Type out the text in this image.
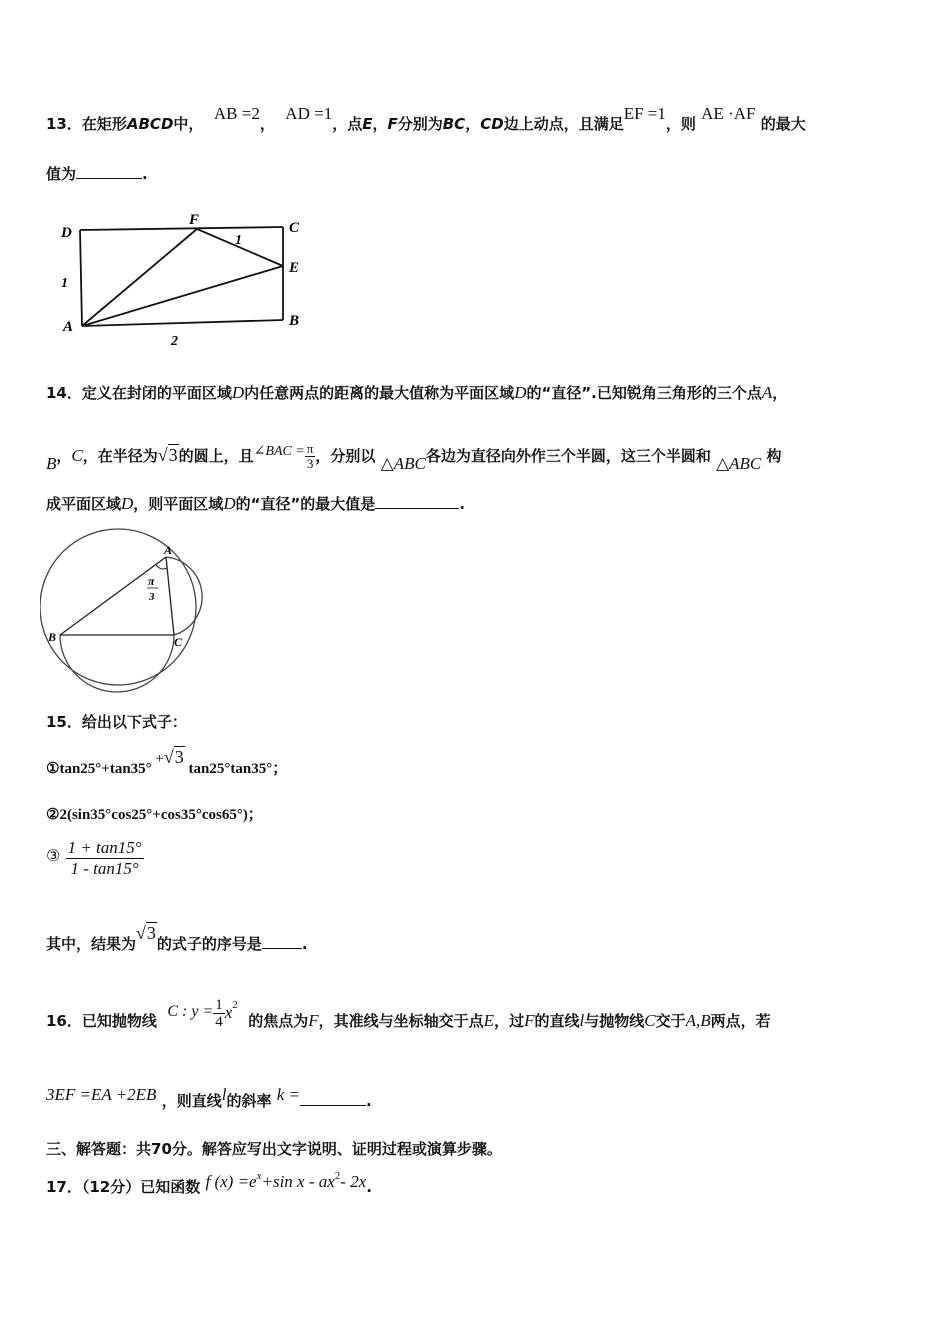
13．在矩形ABCD中，  AB =2，  AD =1，点E，F分别为BC，CD边上动点，且满足EF =1，则 AE ·AF 的最大
值为	.
D
F	C
E
A	B
1
1
2
14．定义在封闭的平面区域D内任意两点的距离的最大值称为平面区域D的“直径”.已知锐角三角形的三个点A，
B，C，在半径为√3的圆上，且∠BAC = $\frac{\pi}{3}$ ，分别以 △ABC各边为直径向外作三个半圆，这三个半圆和 △ABC 构
成平面区域D，则平面区域D的“直径”的最大值是	.
A
B	C
π
3
15．给出以下式子：
①tan25°+tan35° +√3 tan25°tan35°；
②2(sin35°cos25°+cos35°cos65°)；
③ $\frac{1 + \tan 15^\circ}{1 - \tan 15^\circ}$
其中，结果为√3的式子的序号是	.
16．已知抛物线  C : $y = \frac{1}{4} x^2$  的焦点为F，其准线与坐标轴交于点E，过F的直线l与抛物线C交于A,B两点，若
3EF =EA +2EB ，则直线l的斜率 k =	.
三、解答题：共70分。解答应写出文字说明、证明过程或演算步骤。
17．（12分）已知函数 f $(x) =e^x+\sin$ x - $ax^2-$ 2x.
